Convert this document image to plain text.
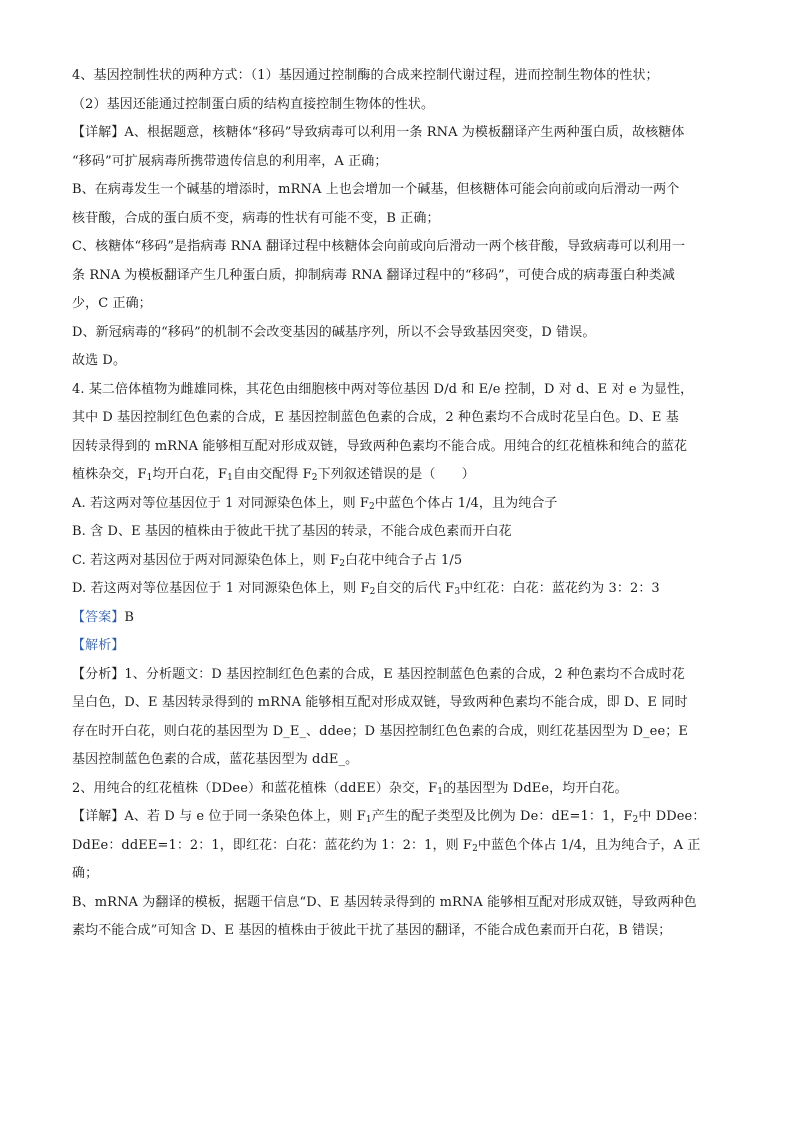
4、基因控制性状的两种方式：（1）基因通过控制酶的合成来控制代谢过程，进而控制生物体的性状；
（2）基因还能通过控制蛋白质的结构直接控制生物体的性状。
【详解】A、根据题意，核糖体“移码”导致病毒可以利用一条 RNA 为模板翻译产生两种蛋白质，故核糖体
“移码”可扩展病毒所携带遗传信息的利用率，A 正确；
B、在病毒发生一个碱基的增添时，mRNA 上也会增加一个碱基，但核糖体可能会向前或向后滑动一两个
核苷酸，合成的蛋白质不变，病毒的性状有可能不变，B 正确；
C、核糖体“移码”是指病毒 RNA 翻译过程中核糖体会向前或向后滑动一两个核苷酸，导致病毒可以利用一
条 RNA 为模板翻译产生几种蛋白质，抑制病毒 RNA 翻译过程中的“移码”，可使合成的病毒蛋白种类减
少，C 正确；
D、新冠病毒的“移码”的机制不会改变基因的碱基序列，所以不会导致基因突变，D 错误。
故选 D。
4. 某二倍体植物为雌雄同株，其花色由细胞核中两对等位基因 D/d 和 E/e 控制，D 对 d、E 对 e 为显性，
其中 D 基因控制红色色素的合成，E 基因控制蓝色色素的合成，2 种色素均不合成时花呈白色。D、E 基
因转录得到的 mRNA 能够相互配对形成双链，导致两种色素均不能合成。用纯合的红花植株和纯合的蓝花
植株杂交，$F_1$均开白花，$F_1$自由交配得 $F_2$下列叙述错误的是（　　）
A. 若这两对等位基因位于 1 对同源染色体上，则 $F_2$中蓝色个体占 1/4，且为纯合子
B. 含 D、E 基因的植株由于彼此干扰了基因的转录，不能合成色素而开白花
C. 若这两对基因位于两对同源染色体上，则 $F_2$白花中纯合子占 1/5
D. 若这两对等位基因位于 1 对同源染色体上，则 $F_2$自交的后代 $F_3$中红花：白花：蓝花约为 3：2：3
【答案】B
【解析】
【分析】1、分析题文：D 基因控制红色色素的合成，E 基因控制蓝色色素的合成，2 种色素均不合成时花
呈白色，D、E 基因转录得到的 mRNA 能够相互配对形成双链，导致两种色素均不能合成，即 D、E 同时
存在时开白花，则白花的基因型为 D_E_、ddee；D 基因控制红色色素的合成，则红花基因型为 D_ee；E
基因控制蓝色色素的合成，蓝花基因型为 ddE_。
2、用纯合的红花植株（DDee）和蓝花植株（ddEE）杂交，$F_1$的基因型为 DdEe，均开白花。
【详解】A、若 D 与 e 位于同一条染色体上，则 $F_1$产生的配子类型及比例为 De：dE=1：1，$F_2$中 DDee：
DdEe：ddEE=1：2：1，即红花：白花：蓝花约为 1：2：1，则 $F_2$中蓝色个体占 1/4，且为纯合子，A 正
确；
B、mRNA 为翻译的模板，据题干信息“D、E 基因转录得到的 mRNA 能够相互配对形成双链，导致两种色
素均不能合成”可知含 D、E 基因的植株由于彼此干扰了基因的翻译，不能合成色素而开白花，B 错误；
